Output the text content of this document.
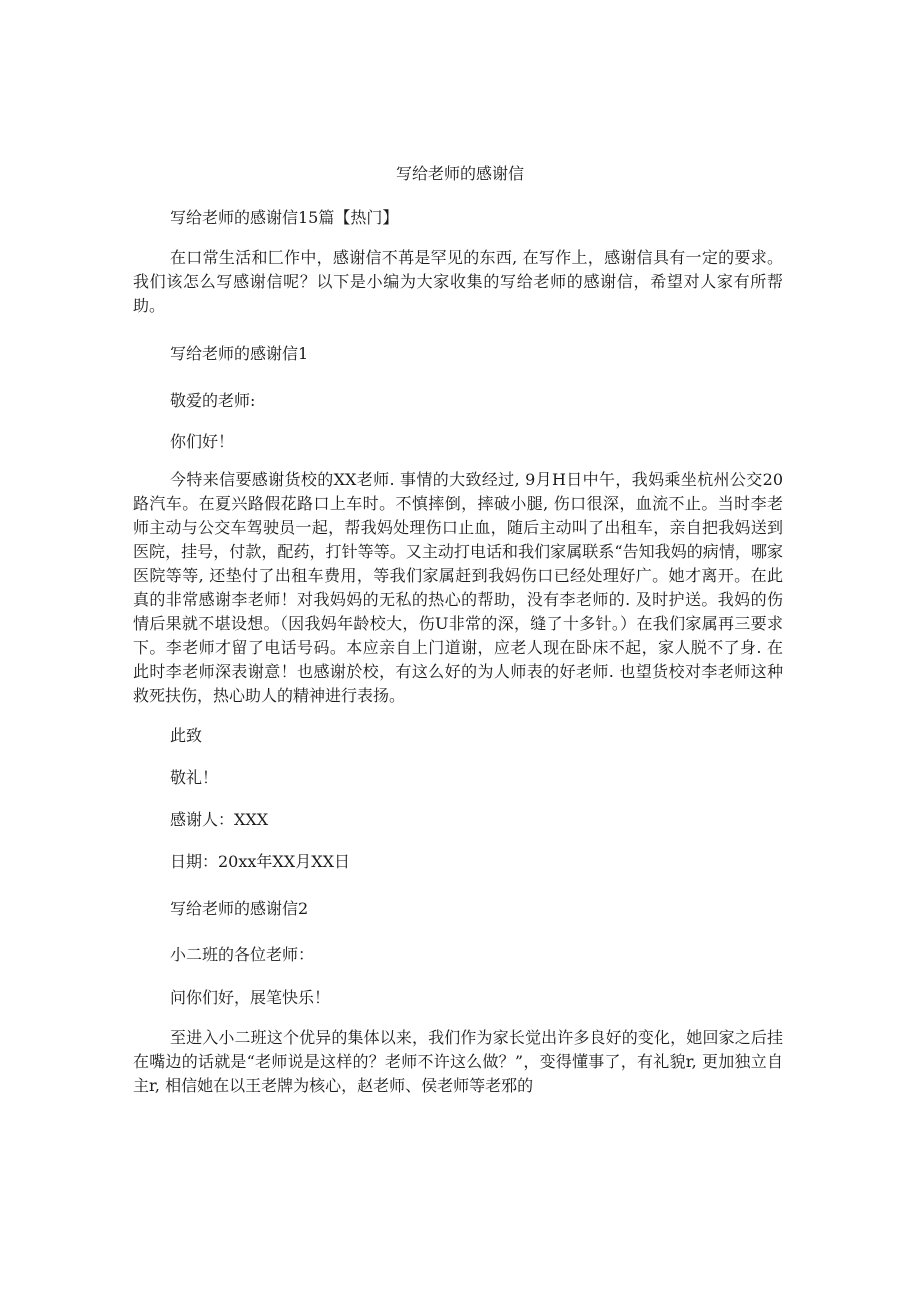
写给老师的感谢信
写给老师的感谢信15篇【热门】
在口常生活和匚作中，感谢信不苒是罕见的东西, 在写作上，感谢信具有一定的要求。我们该怎么写感谢信呢？以下是小编为大家收集的写给老师的感谢信，希望对人家有所帮助。
写给老师的感谢信1
敬爱的老师:
你们好！
今特来信要感谢货校的XX老师. 事情的大致经过, 9月H日中午，我妈乘坐杭州公交20路汽车。在夏兴路假花路口上车时。不慎摔倒，摔破小腿, 伤口很深，血流不止。当时李老师主动与公交车驾驶员一起，帮我妈处理伤口止血，随后主动叫了出租车，亲自把我妈送到医院，挂号，付款，配药，打针等等。又主动打电话和我们家属联系“告知我妈的病情，哪家医院等等, 还垫付了出租车费用，等我们家属赶到我妈伤口已经处理好广。她才离开。在此真的非常感谢李老师！对我妈妈的无私的热心的帮助，没有李老师的. 及时护送。我妈的伤情后果就不堪设想。（因我妈年龄校大，伤U非常的深，缝了十多针。）在我们家属再三要求下。李老师才留了电话号码。本应亲自上门道谢，应老人现在卧床不起，家人脱不了身. 在此时李老师深表谢意！也感谢於校，有这么好的为人师表的好老师. 也望货校对李老师这种救死扶伤，热心助人的精神进行表扬。
此致
敬礼！
感谢人：XXX
日期：20xx年XX月XX日
写给老师的感谢信2
小二班的各位老师：
问你们好，展笔快乐！
至进入小二班这个优异的集体以来，我们作为家长觉出许多良好的变化，她回家之后挂在嘴边的话就是“老师说是这样的？老师不许这么做？”，变得懂事了，有礼貌r, 更加独立自主r, 相信她在以王老牌为核心，赵老师、侯老师等老邪的
